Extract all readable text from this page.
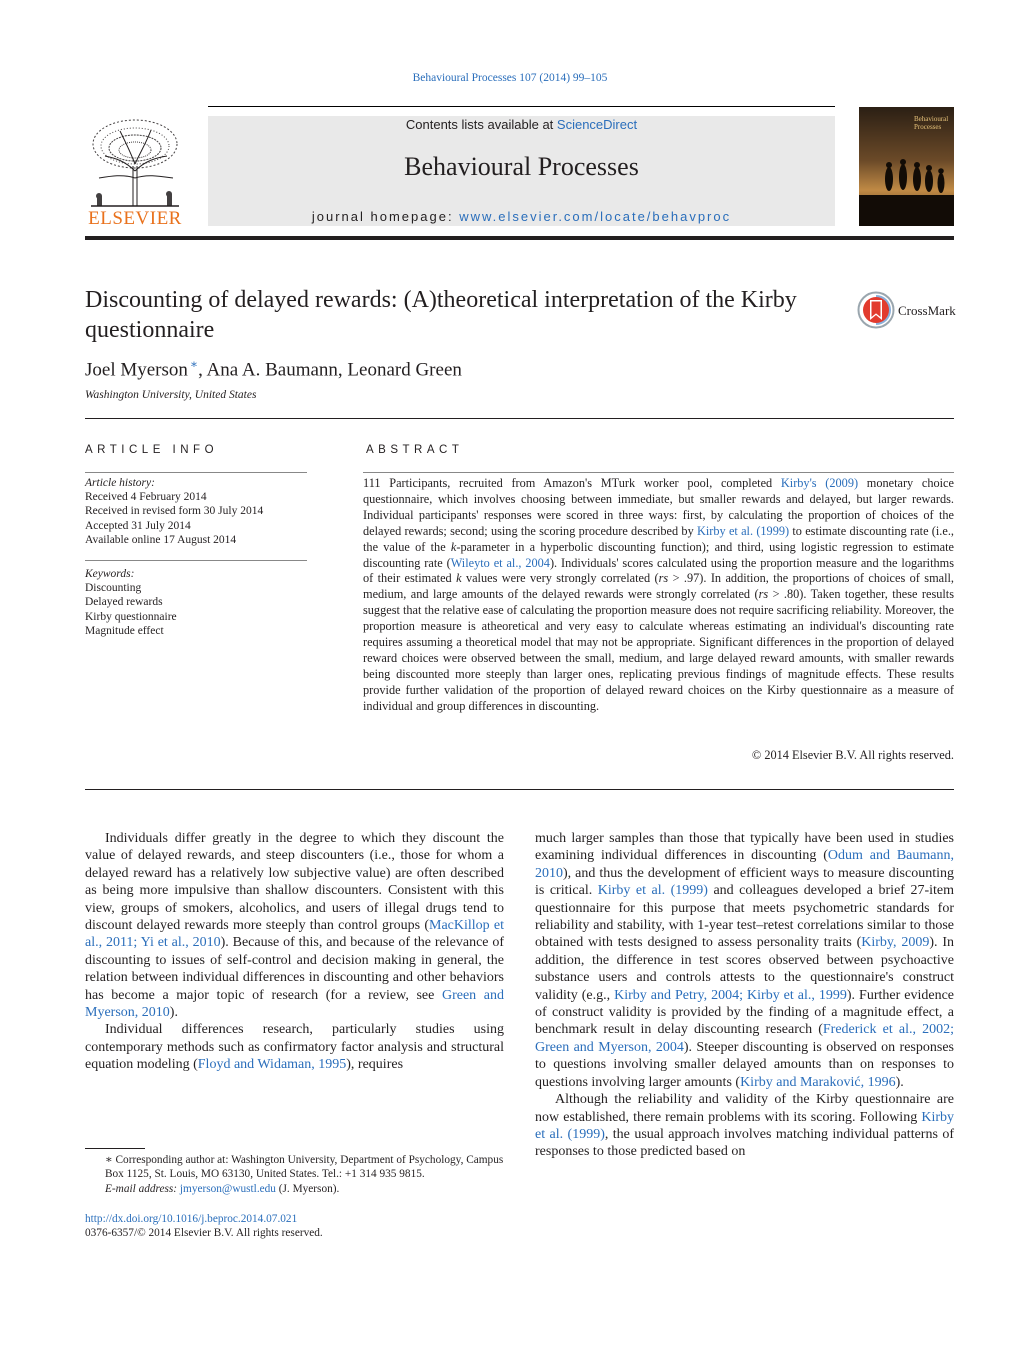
Behavioural Processes 107 (2014) 99–105
ELSEVIER
Contents lists available at ScienceDirect
Behavioural Processes
journal homepage: www.elsevier.com/locate/behavproc
Behavioural
Processes
Discounting of delayed rewards: (A)theoretical interpretation of the Kirby questionnaire
CrossMark
Joel Myerson ∗, Ana A. Baumann, Leonard Green
Washington University, United States
ARTICLE INFO
Article history:
Received 4 February 2014
Received in revised form 30 July 2014
Accepted 31 July 2014
Available online 17 August 2014
Keywords:
Discounting
Delayed rewards
Kirby questionnaire
Magnitude effect
ABSTRACT
111 Participants, recruited from Amazon's MTurk worker pool, completed Kirby's (2009) monetary choice questionnaire, which involves choosing between immediate, but smaller rewards and delayed, but larger rewards. Individual participants' responses were scored in three ways: first, by calculating the proportion of choices of the delayed rewards; second; using the scoring procedure described by Kirby et al. (1999) to estimate discounting rate (i.e., the value of the k-parameter in a hyperbolic discounting function); and third, using logistic regression to estimate discounting rate (Wileyto et al., 2004). Individuals' scores calculated using the proportion measure and the logarithms of their estimated k values were very strongly correlated (rs > .97). In addition, the proportions of choices of small, medium, and large amounts of the delayed rewards were strongly correlated (rs > .80). Taken together, these results suggest that the relative ease of calculating the proportion measure does not require sacrificing reliability. Moreover, the proportion measure is atheoretical and very easy to calculate whereas estimating an individual's discounting rate requires assuming a theoretical model that may not be appropriate. Significant differences in the proportion of delayed reward choices were observed between the small, medium, and large delayed reward amounts, with smaller rewards being discounted more steeply than larger ones, replicating previous findings of magnitude effects. These results provide further validation of the proportion of delayed reward choices on the Kirby questionnaire as a measure of individual and group differences in discounting.
© 2014 Elsevier B.V. All rights reserved.

Individuals differ greatly in the degree to which they discount the value of delayed rewards, and steep discounters (i.e., those for whom a delayed reward has a relatively low subjective value) are often described as being more impulsive than shallow discounters. Consistent with this view, groups of smokers, alcoholics, and users of illegal drugs tend to discount delayed rewards more steeply than control groups (MacKillop et al., 2011; Yi et al., 2010). Because of this, and because of the relevance of discounting to issues of self-control and decision making in general, the relation between individual differences in discounting and other behaviors has become a major topic of research (for a review, see Green and Myerson, 2010).

Individual differences research, particularly studies using contemporary methods such as confirmatory factor analysis and structural equation modeling (Floyd and Widaman, 1995), requires

much larger samples than those that typically have been used in studies examining individual differences in discounting (Odum and Baumann, 2010), and thus the development of efficient ways to measure discounting is critical. Kirby et al. (1999) and colleagues developed a brief 27-item questionnaire for this purpose that meets psychometric standards for reliability and stability, with 1-year test–retest correlations similar to those obtained with tests designed to assess personality traits (Kirby, 2009). In addition, the difference in test scores observed between psychoactive substance users and controls attests to the questionnaire's construct validity (e.g., Kirby and Petry, 2004; Kirby et al., 1999). Further evidence of construct validity is provided by the finding of a magnitude effect, a benchmark result in delay discounting research (Frederick et al., 2002; Green and Myerson, 2004). Steeper discounting is observed on responses to questions involving smaller delayed amounts than on responses to questions involving larger amounts (Kirby and Maraković, 1996).

Although the reliability and validity of the Kirby questionnaire are now established, there remain problems with its scoring. Following Kirby et al. (1999), the usual approach involves matching individual patterns of responses to those predicted based on

∗ Corresponding author at: Washington University, Department of Psychology, Campus Box 1125, St. Louis, MO 63130, United States. Tel.: +1 314 935 9815.
E-mail address: jmyerson@wustl.edu (J. Myerson).
http://dx.doi.org/10.1016/j.beproc.2014.07.021
0376-6357/© 2014 Elsevier B.V. All rights reserved.
